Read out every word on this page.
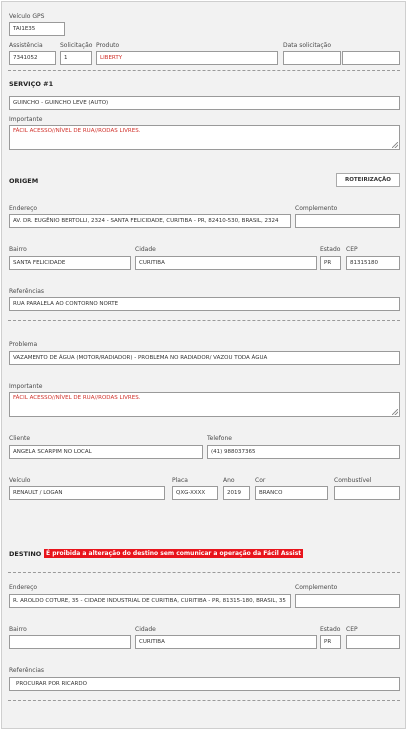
Veículo GPS
TAI1E35
Assistência
7341052
Solicitação
1
Produto
LIBERTY
Data solicitação
SERVIÇO #1
GUINCHO - GUINCHO LEVE (AUTO)
Importante
FÁCIL ACESSO//NÍVEL DE RUA//RODAS LIVRES.
ORIGEM	ROTEIRIZAÇÃO
Endereço
AV. DR. EUGÊNIO BERTOLLI, 2324 - SANTA FELICIDADE, CURITIBA - PR, 82410-530, BRASIL, 2324
Complemento
Bairro
SANTA FELICIDADE
Cidade
CURITIBA
Estado
PR
CEP
81315180
Referências
RUA PARALELA AO CONTORNO NORTE
Problema
VAZAMENTO DE ÁGUA (MOTOR/RADIADOR) - PROBLEMA NO RADIADOR/ VAZOU TODA ÁGUA
Importante
FÁCIL ACESSO//NÍVEL DE RUA//RODAS LIVRES.
Cliente
ANGELA SCARPIM NO LOCAL
Telefone
(41) 988037365
Veículo
RENAULT / LOGAN
Placa
QXG-XXXX
Ano
2019
Cor
BRANCO
Combustível
DESTINO É proibida a alteração do destino sem comunicar a operação da Fácil Assist
Endereço
R. AROLDO COTURE, 35 - CIDADE INDUSTRIAL DE CURITIBA, CURITIBA - PR, 81315-180, BRASIL, 35
Complemento
Bairro	Cidade
CURITIBA
Estado
PR
CEP
Referências
PROCURAR POR RICARDO
